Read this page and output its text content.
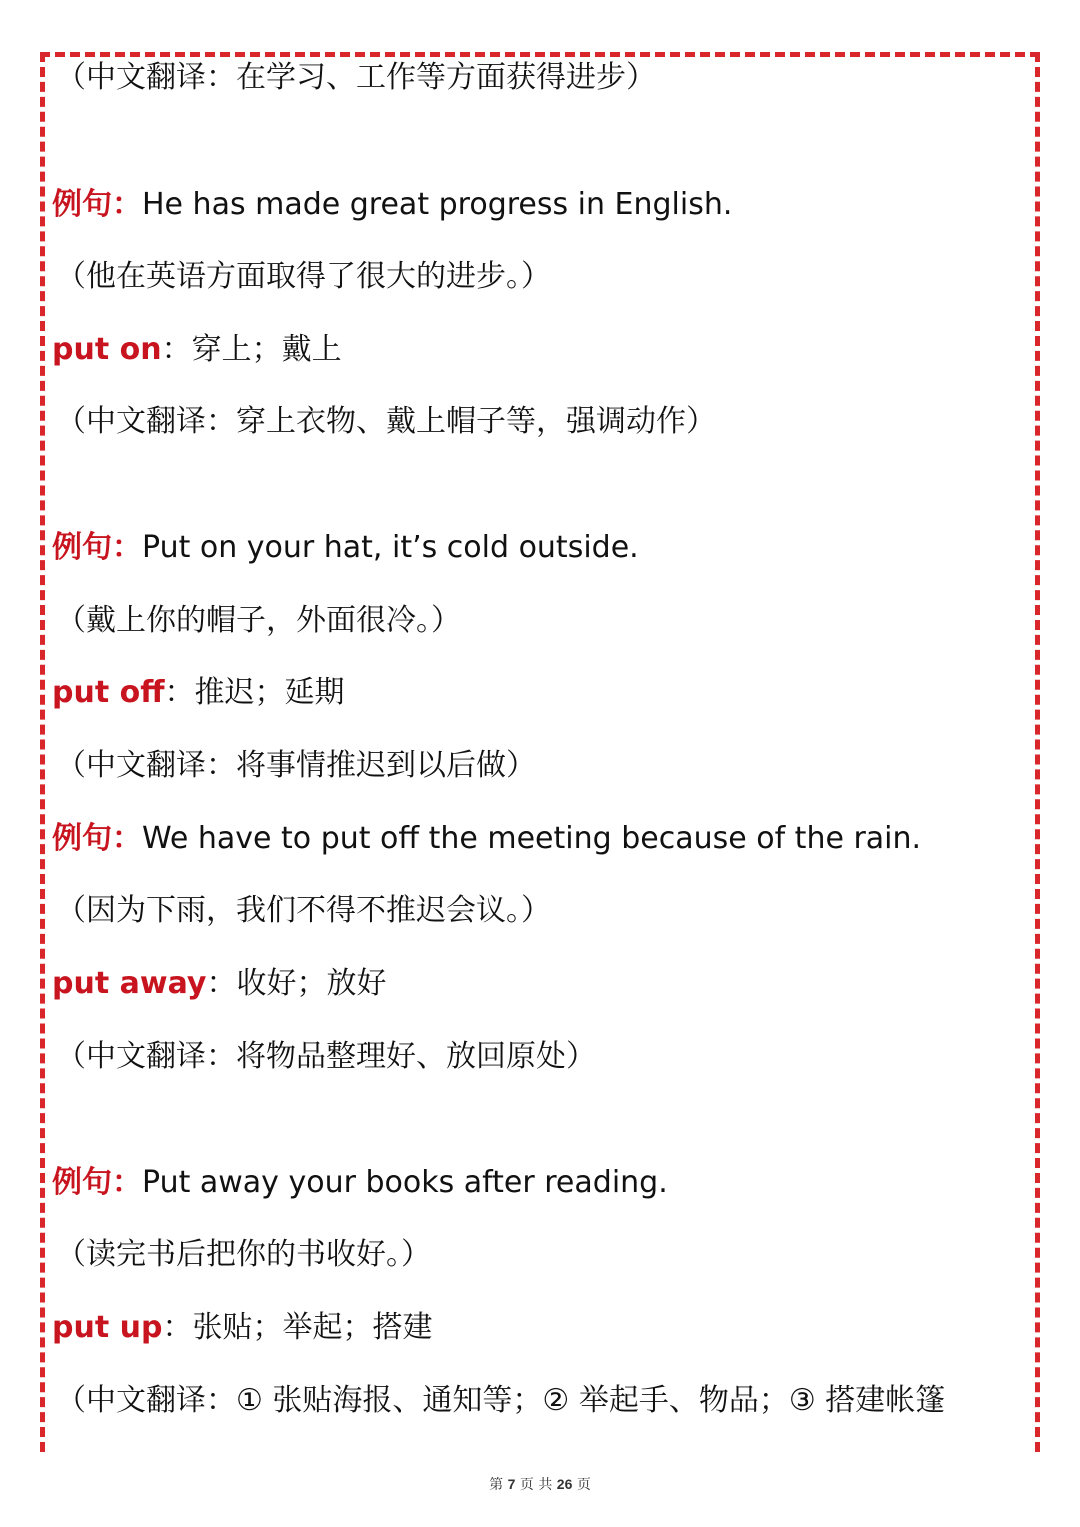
（中文翻译：在学习、工作等方面获得进步）
例句：He has made great progress in English.
（他在英语方面取得了很大的进步。）
put on：穿上；戴上
（中文翻译：穿上衣物、戴上帽子等，强调动作）
例句：Put on your hat, it’s cold outside.
（戴上你的帽子，外面很冷。）
put off：推迟；延期
（中文翻译：将事情推迟到以后做）
例句：We have to put off the meeting because of the rain.
（因为下雨，我们不得不推迟会议。）
put away：收好；放好
（中文翻译：将物品整理好、放回原处）
例句：Put away your books after reading.
（读完书后把你的书收好。）
put up：张贴；举起；搭建
（中文翻译：① 张贴海报、通知等；② 举起手、物品；③ 搭建帐篷
第 7 页 共 26 页
